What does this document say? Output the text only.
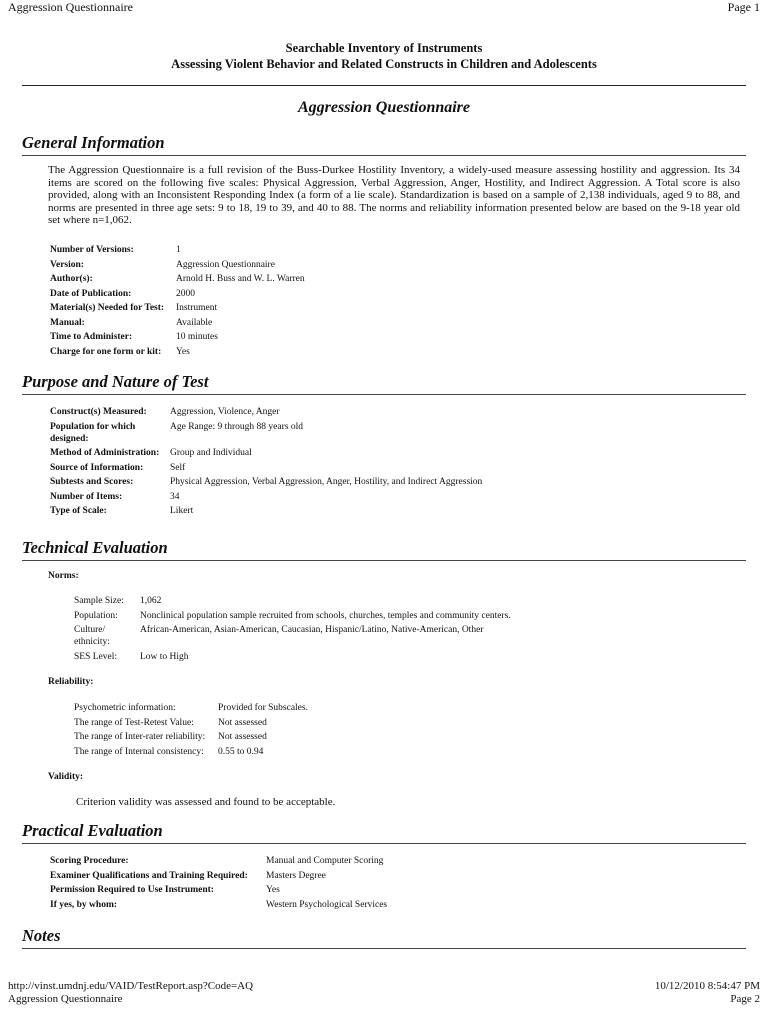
Aggression Questionnaire	Page 1
Searchable Inventory of Instruments
Assessing Violent Behavior and Related Constructs in Children and Adolescents
Aggression Questionnaire
General Information
The Aggression Questionnaire is a full revision of the Buss-Durkee Hostility Inventory, a widely-used measure assessing hostility and aggression. Its 34 items are scored on the following five scales: Physical Aggression, Verbal Aggression, Anger, Hostility, and Indirect Aggression. A Total score is also provided, along with an Inconsistent Responding Index (a form of a lie scale). Standardization is based on a sample of 2,138 individuals, aged 9 to 88, and norms are presented in three age sets: 9 to 18, 19 to 39, and 40 to 88. The norms and reliability information presented below are based on the 9-18 year old set where n=1,062.
Number of Versions:	1
Version:	Aggression Questionnaire
Author(s):	Arnold H. Buss and W. L. Warren
Date of Publication:	2000
Material(s) Needed for Test:	Instrument
Manual:	Available
Time to Administer:	10 minutes
Charge for one form or kit:	Yes
Purpose and Nature of Test
Construct(s) Measured:	Aggression, Violence, Anger
Population for which designed:	Age Range: 9 through 88 years old
Method of Administration:	Group and Individual
Source of Information:	Self
Subtests and Scores:	Physical Aggression, Verbal Aggression, Anger, Hostility, and Indirect Aggression
Number of Items:	34
Type of Scale:	Likert
Technical Evaluation
Norms:
Sample Size:	1,062
Population:	Nonclinical population sample recruited from schools, churches, temples and community centers.
Culture/ ethnicity:	African-American, Asian-American, Caucasian, Hispanic/Latino, Native-American, Other
SES Level:	Low to High
Reliability:
Psychometric information:	Provided for Subscales.
The range of Test-Retest Value:	Not assessed
The range of Inter-rater reliability:	Not assessed
The range of Internal consistency:	0.55 to 0.94
Validity:
Criterion validity was assessed and found to be acceptable.
Practical Evaluation
Scoring Procedure:	Manual and Computer Scoring
Examiner Qualifications and Training Required:	Masters Degree
Permission Required to Use Instrument:	Yes
If yes, by whom:	Western Psychological Services
Notes
http://vinst.umdnj.edu/VAID/TestReport.asp?Code=AQ
Aggression Questionnaire
10/12/2010 8:54:47 PM
Page 2
